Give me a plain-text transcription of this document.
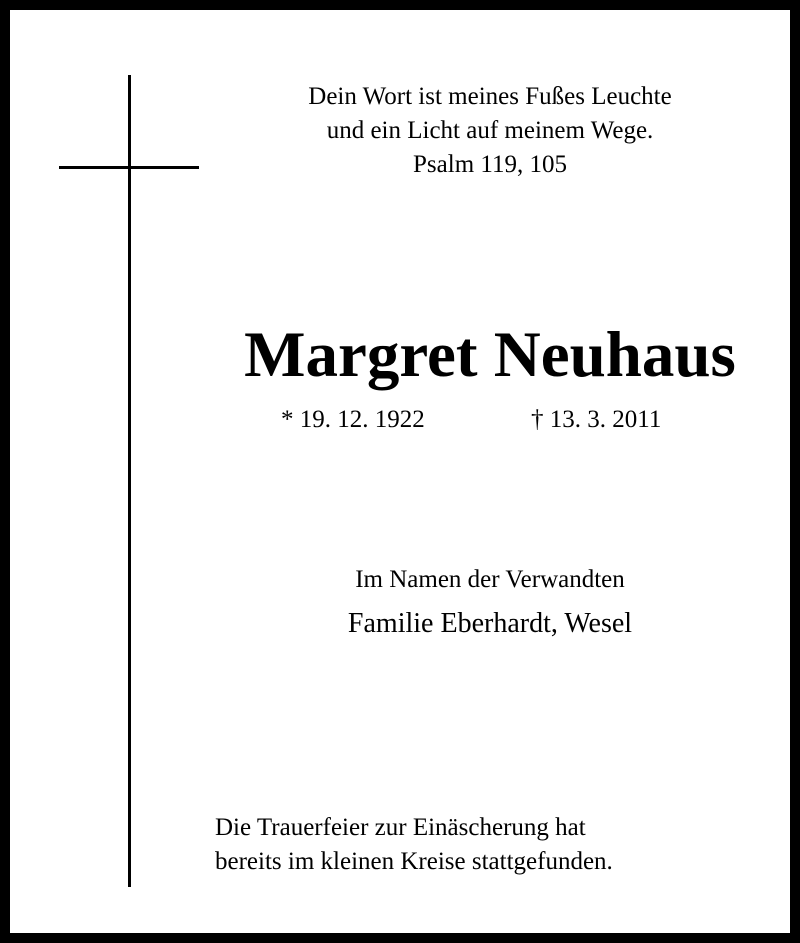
Dein Wort ist meines Fußes Leuchte
und ein Licht auf meinem Wege.
Psalm 119, 105
Margret Neuhaus
* 19. 12. 1922	† 13. 3. 2011
Im Namen der Verwandten
Familie Eberhardt, Wesel
Die Trauerfeier zur Einäscherung hat
bereits im kleinen Kreise stattgefunden.
